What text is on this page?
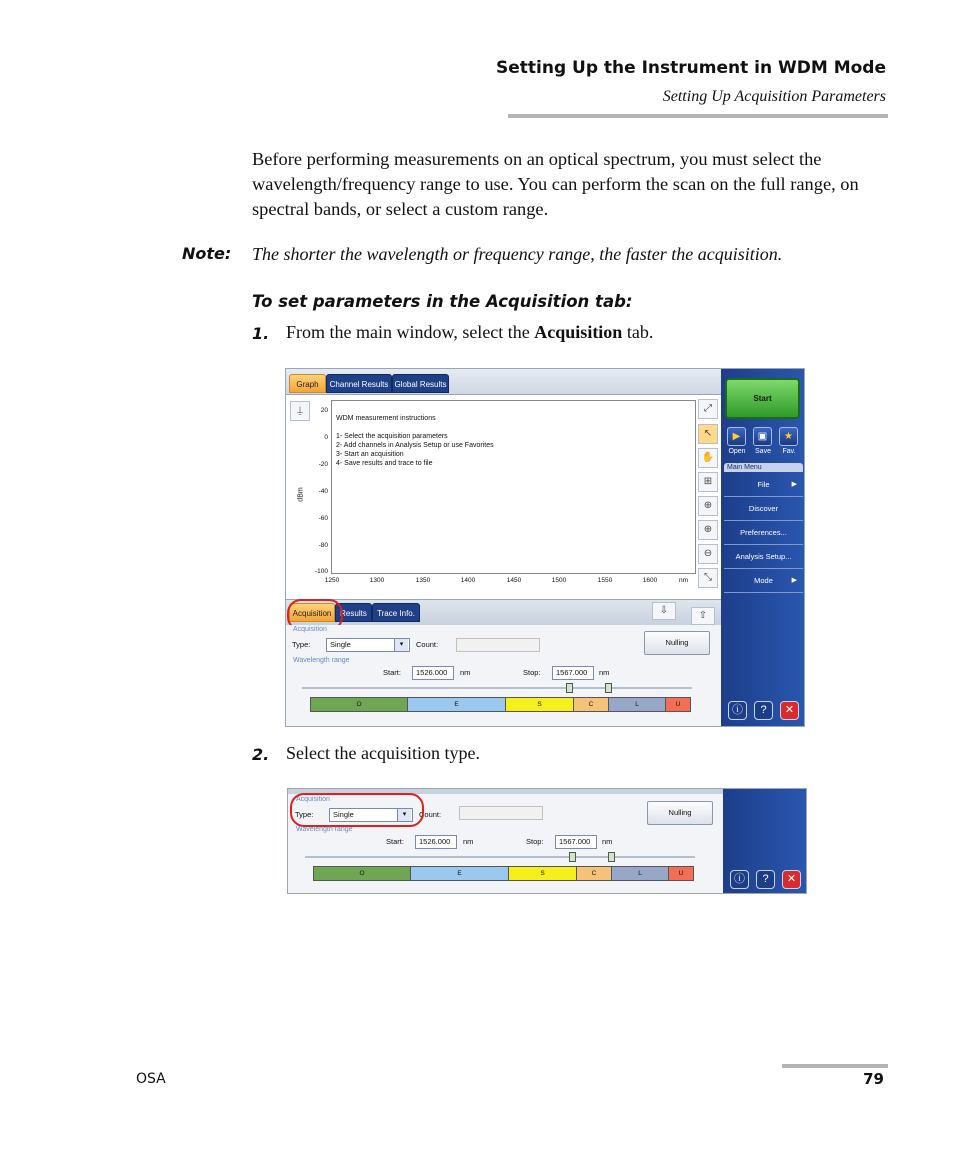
Setting Up the Instrument in WDM Mode
Setting Up Acquisition Parameters

Before performing measurements on an optical spectrum, you must select the wavelength/frequency range to use. You can perform the scan on the full range, on spectral bands, or select a custom range.

Note: The shorter the wavelength or frequency range, the faster the acquisition.
To set parameters in the Acquisition tab:
1. From the main window, select the Acquisition tab.
Graph	Channel Results Global Results
⍊
WDM measurement instructions
1- Select the acquisition parameters
2- Add channels in Analysis Setup or use Favorites
3- Start an acquisition
4- Save results and trace to file
dBm
20
0
-20
-40
-60
-80
-100
1250	1300	1350	1400	1450	1500	1550	1600	nm
⤢
↖
✋
⊞
⊕
⊕
⊖
⤡
Acquisition	Results	Trace Info.	⇩	⇧
Acquisition
Type:	Single	▾	Count:	Nulling
Wavelength range
Start:	1526.000	nm	Stop:	1567.000	nm
O	E	S	C	L	U
Start
▶	▣	★
Open	Save	Fav.
Main Menu
File	▶
Discover
Preferences...
Analysis Setup...
Mode	▶
ⓘ	?	✕
2. Select the acquisition type.
Acquisition
Type:	Single	▾	Count:	Nulling
Wavelength range
Start:	1526.000	nm	Stop:	1567.000	nm
O	E	S	C	L	U	ⓘ	?	✕
OSA	79
